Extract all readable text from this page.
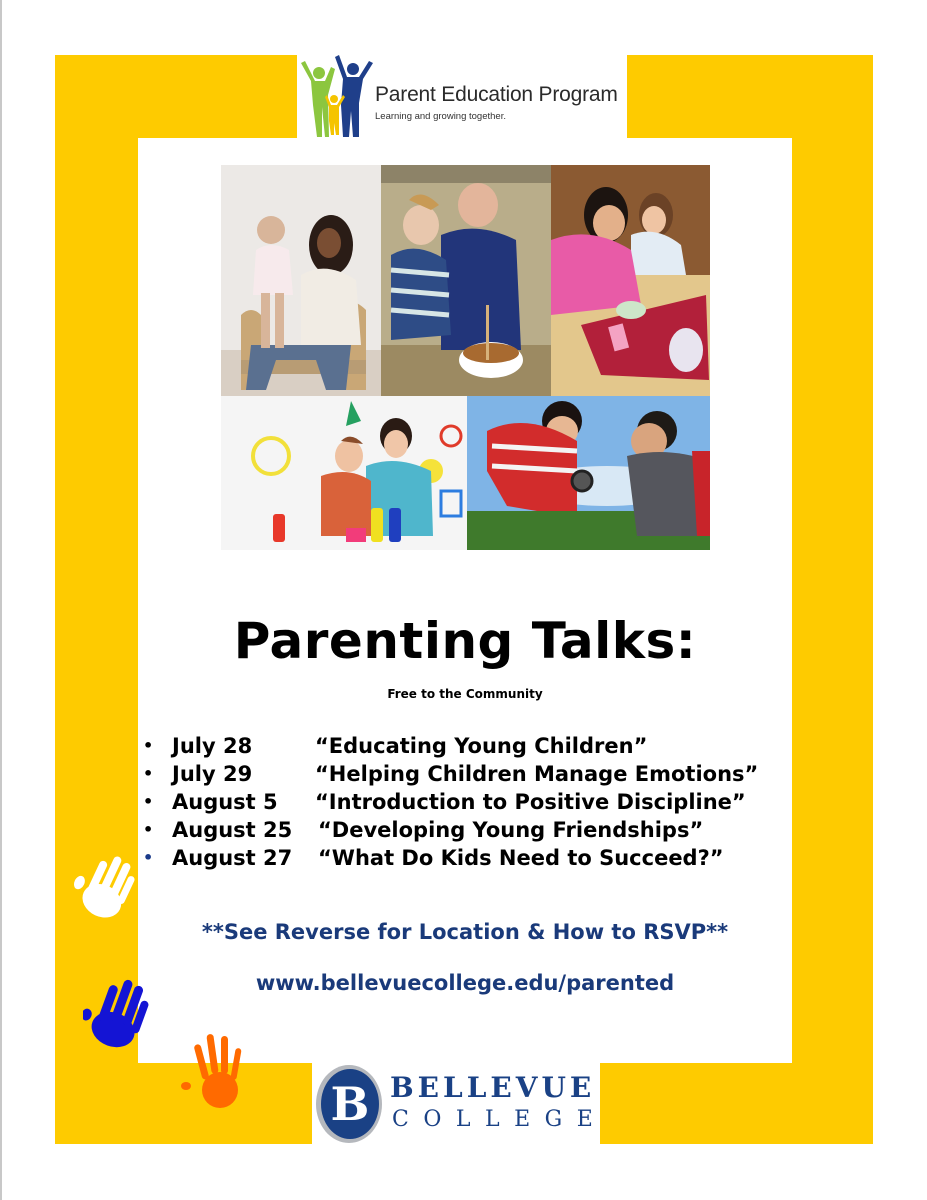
Parent Education Program
Learning and growing together.
Parenting Talks:
Free to the Community
• July 28	“Educating Young Children”
• July 29	“Helping Children Manage Emotions”
• August 5 “Introduction to Positive Discipline”
• August 25 “Developing Young Friendships”
• August 27 “What Do Kids Need to Succeed?”
**See Reverse for Location & How to RSVP**
www.bellevuecollege.edu/parented
B BELLEVUE
COLLEGE
